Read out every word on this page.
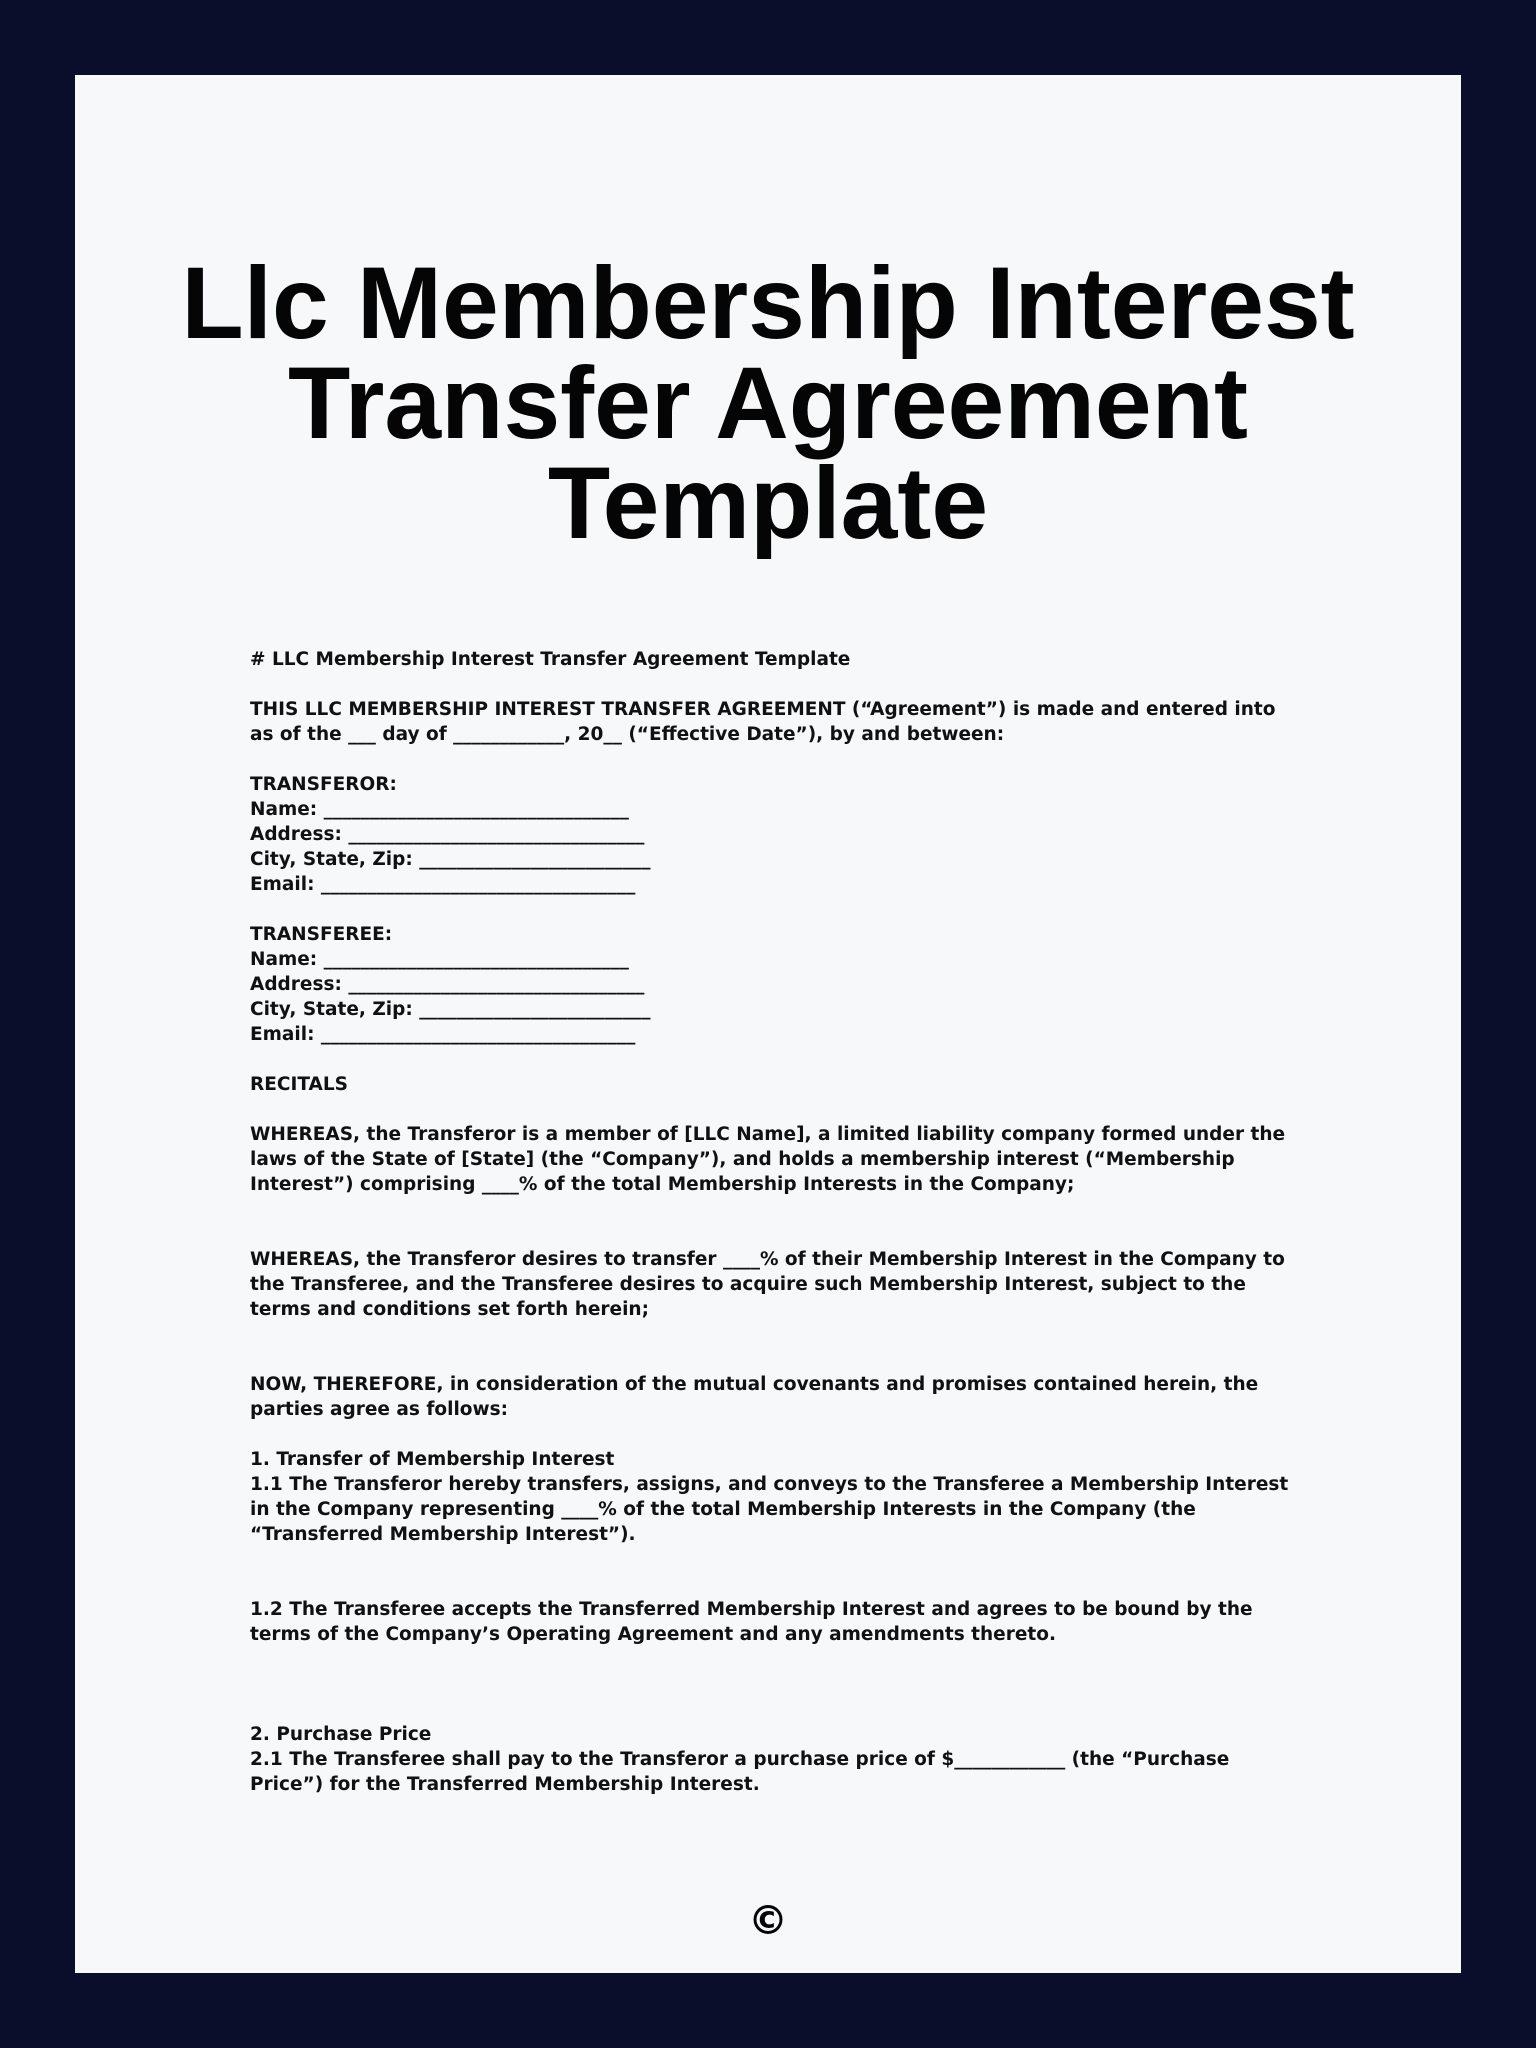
Llc Membership Interest
Transfer Agreement
Template

# LLC Membership Interest Transfer Agreement Template

THIS LLC MEMBERSHIP INTEREST TRANSFER AGREEMENT (“Agreement”) is made and entered into as of the ___ day of ____________, 20__ (“Effective Date”), by and between:

TRANSFEROR:

Name: _________________________________

Address: ________________________________

City, State, Zip: _________________________

Email: __________________________________

TRANSFEREE:

Name: _________________________________

Address: ________________________________

City, State, Zip: _________________________

Email: __________________________________

RECITALS

WHEREAS, the Transferor is a member of [LLC Name], a limited liability company formed under the laws of the State of [State] (the “Company”), and holds a membership interest (“Membership Interest”) comprising ____% of the total Membership Interests in the Company;

WHEREAS, the Transferor desires to transfer ____% of their Membership Interest in the Company to the Transferee, and the Transferee desires to acquire such Membership Interest, subject to the terms and conditions set forth herein;

NOW, THEREFORE, in consideration of the mutual covenants and promises contained herein, the parties agree as follows:

1. Transfer of Membership Interest

1.1 The Transferor hereby transfers, assigns, and conveys to the Transferee a Membership Interest in the Company representing ____% of the total Membership Interests in the Company (the “Transferred Membership Interest”).

1.2 The Transferee accepts the Transferred Membership Interest and agrees to be bound by the terms of the Company’s Operating Agreement and any amendments thereto.

2. Purchase Price

2.1 The Transferee shall pay to the Transferor a purchase price of $____________ (the “Purchase Price”) for the Transferred Membership Interest.

©
